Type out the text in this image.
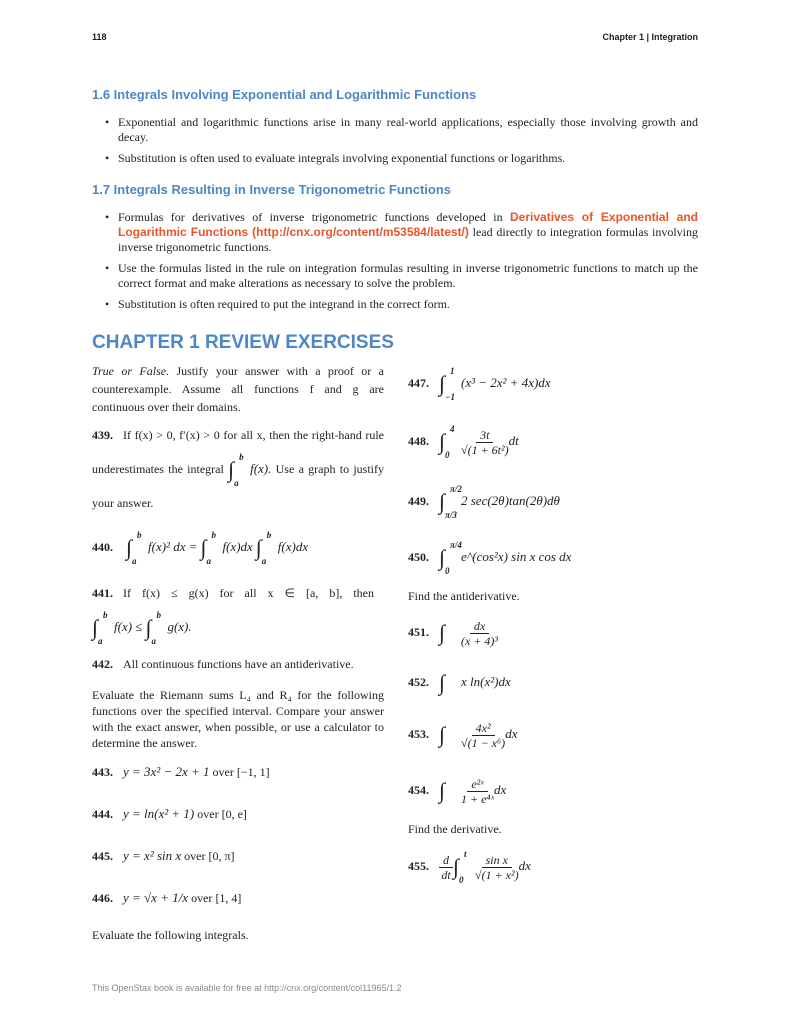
118	Chapter 1 | Integration
1.6 Integrals Involving Exponential and Logarithmic Functions
• Exponential and logarithmic functions arise in many real-world applications, especially those involving growth and decay.
• Substitution is often used to evaluate integrals involving exponential functions or logarithms.
1.7 Integrals Resulting in Inverse Trigonometric Functions
• Formulas for derivatives of inverse trigonometric functions developed in Derivatives of Exponential and Logarithmic Functions (http://cnx.org/content/m53584/latest/) lead directly to integration formulas involving inverse trigonometric functions.
• Use the formulas listed in the rule on integration formulas resulting in inverse trigonometric functions to match up the correct format and make alterations as necessary to solve the problem.
• Substitution is often required to put the integrand in the correct form.
CHAPTER 1 REVIEW EXERCISES
True or False. Justify your answer with a proof or a counterexample. Assume all functions f and g are continuous over their domains.
439. If f(x) > 0, f′(x) > 0 for all x, then the right-hand rule underestimates the integral ∫ b
a
f(x). Use a graph to justify your answer.
440. ∫ b
a
f(x)² dx = ∫ b
a
f(x)dx ∫ b
a
f(x)dx
441. If f(x) ≤ g(x) for all x ∈ [a, b], then
∫ b
a
f(x) ≤ ∫ b
a
g(x).
442. All continuous functions have an antiderivative.
Evaluate the Riemann sums L₄ and R₄ for the following functions over the specified interval. Compare your answer with the exact answer, when possible, or use a calculator to determine the answer.
443. y = 3x² − 2x + 1 over [−1, 1]
444. y = ln(x² + 1) over [0, e]
445. y = x² sin x over [0, π]
446. y = √x + 1/x over [1, 4]
Evaluate the following integrals.
447. ∫ 1
−1
(x³ − 2x² + 4x)dx
448. ∫ 4
$0 \frac{3t}{\text{√(1 + 6t²)}}$ dt
449. ∫ π/2
π/3
2 sec(2θ)tan(2θ)dθ
450. ∫ π/4
0
e^(cos²x) sin x cos dx
Find the antiderivative.
451. ∫ $\frac{dx}{\text{(x + 4)³}}$
452. ∫ x ln(x²)dx
453. ∫ $\frac{\text{4x²}}{\text{√(1 − x⁶)}}$ dx
454. ∫ $\frac{\text{e²ˣ}}{\text{1 + e⁴ˣ}}$ dx
Find the derivative.
455. $\frac{d}{dt}$ ∫ t
$0 \frac{\text{sin x}}{\text{√(1 + x²)}}$ dx
This OpenStax book is available for free at http://cnx.org/content/col11965/1.2
